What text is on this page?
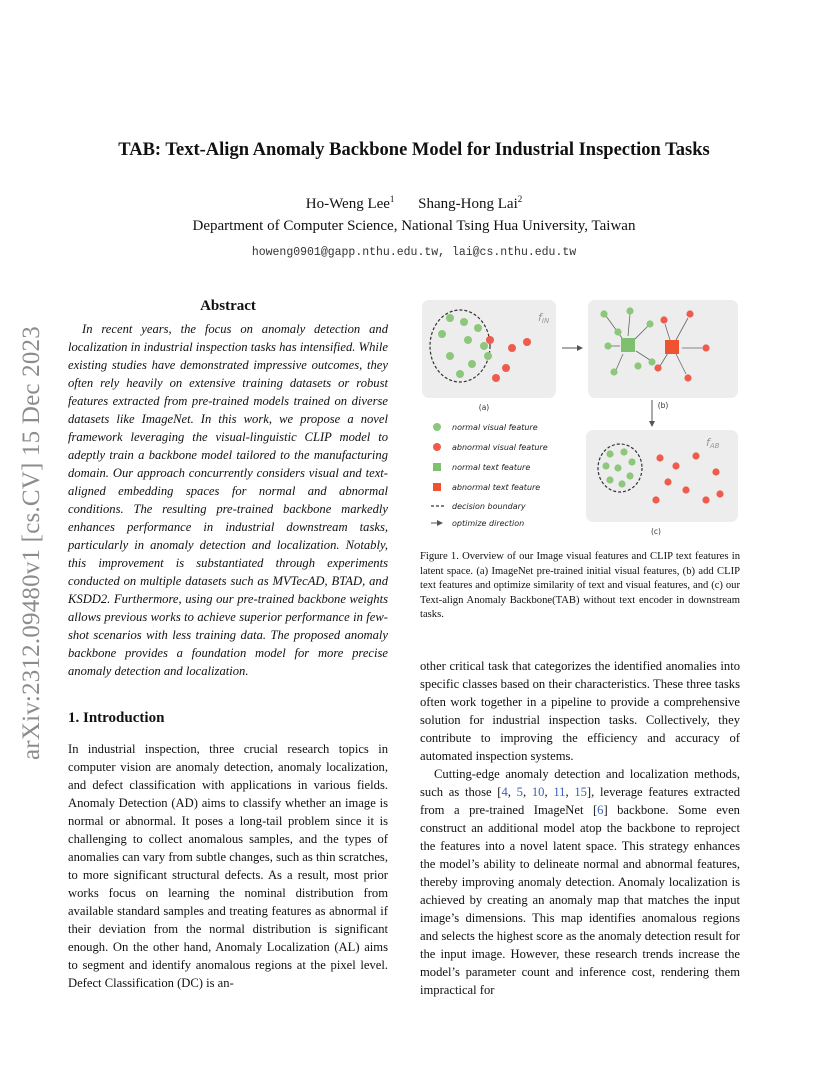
arXiv:2312.09480v1 [cs.CV] 15 Dec 2023
TAB: Text-Align Anomaly Backbone Model for Industrial Inspection Tasks
Ho-Weng Lee$^1$ Shang-Hong Lai$^2$
Department of Computer Science, National Tsing Hua University, Taiwan
howeng0901@gapp.nthu.edu.tw, lai@cs.nthu.edu.tw
Abstract

In recent years, the focus on anomaly detection and localization in industrial inspection tasks has intensified. While existing studies have demonstrated impressive outcomes, they often rely heavily on extensive training datasets or robust features extracted from pre-trained models trained on diverse datasets like ImageNet. In this work, we propose a novel framework leveraging the visual-linguistic CLIP model to adeptly train a backbone model tailored to the manufacturing domain. Our approach concurrently considers visual and text-aligned embedding spaces for normal and abnormal conditions. The resulting pre-trained backbone markedly enhances performance in industrial downstream tasks, particularly in anomaly detection and localization. Notably, this improvement is substantiated through experiments conducted on multiple datasets such as MVTecAD, BTAD, and KSDD2. Furthermore, using our pre-trained backbone weights allows previous works to achieve superior performance in few-shot scenarios with less training data. The proposed anomaly backbone provides a foundation model for more precise anomaly detection and localization.

1. Introduction

In industrial inspection, three crucial research topics in computer vision are anomaly detection, anomaly localization, and defect classification with applications in various fields. Anomaly Detection (AD) aims to classify whether an image is normal or abnormal. It poses a long-tail problem since it is challenging to collect anomalous samples, and the types of anomalies can vary from subtle changes, such as thin scratches, to more significant structural defects. As a result, most prior works focus on learning the nominal distribution from available standard samples and treating features as abnormal if their deviation from the normal distribution is significant enough. On the other hand, Anomaly Localization (AL) aims to segment and identify anomalous regions at the pixel level. Defect Classification (DC) is an-

fIN
(a)	(b)
fAB
(c)
normal visual feature
abnormal visual feature
normal text feature
abnormal text feature
decision boundary
optimize direction
Figure 1. Overview of our Image visual features and CLIP text features in latent space. (a) ImageNet pre-trained initial visual features, (b) add CLIP text features and optimize similarity of text and visual features, and (c) our Text-align Anomaly Backbone(TAB) without text encoder in downstream tasks.

other critical task that categorizes the identified anomalies into specific classes based on their characteristics. These three tasks often work together in a pipeline to provide a comprehensive solution for industrial inspection tasks. Collectively, they contribute to improving the efficiency and accuracy of automated inspection systems.

Cutting-edge anomaly detection and localization methods, such as those [4, 5, 10, 11, 15], leverage features extracted from a pre-trained ImageNet [6] backbone. Some even construct an additional model atop the backbone to reproject the features into a novel latent space. This strategy enhances the model’s ability to delineate normal and abnormal features, thereby improving anomaly detection. Anomaly localization is achieved by creating an anomaly map that matches the input image’s dimensions. This map identifies anomalous regions and selects the highest score as the anomaly detection result for the input image. However, these research trends increase the model’s parameter count and inference cost, rendering them impractical for
